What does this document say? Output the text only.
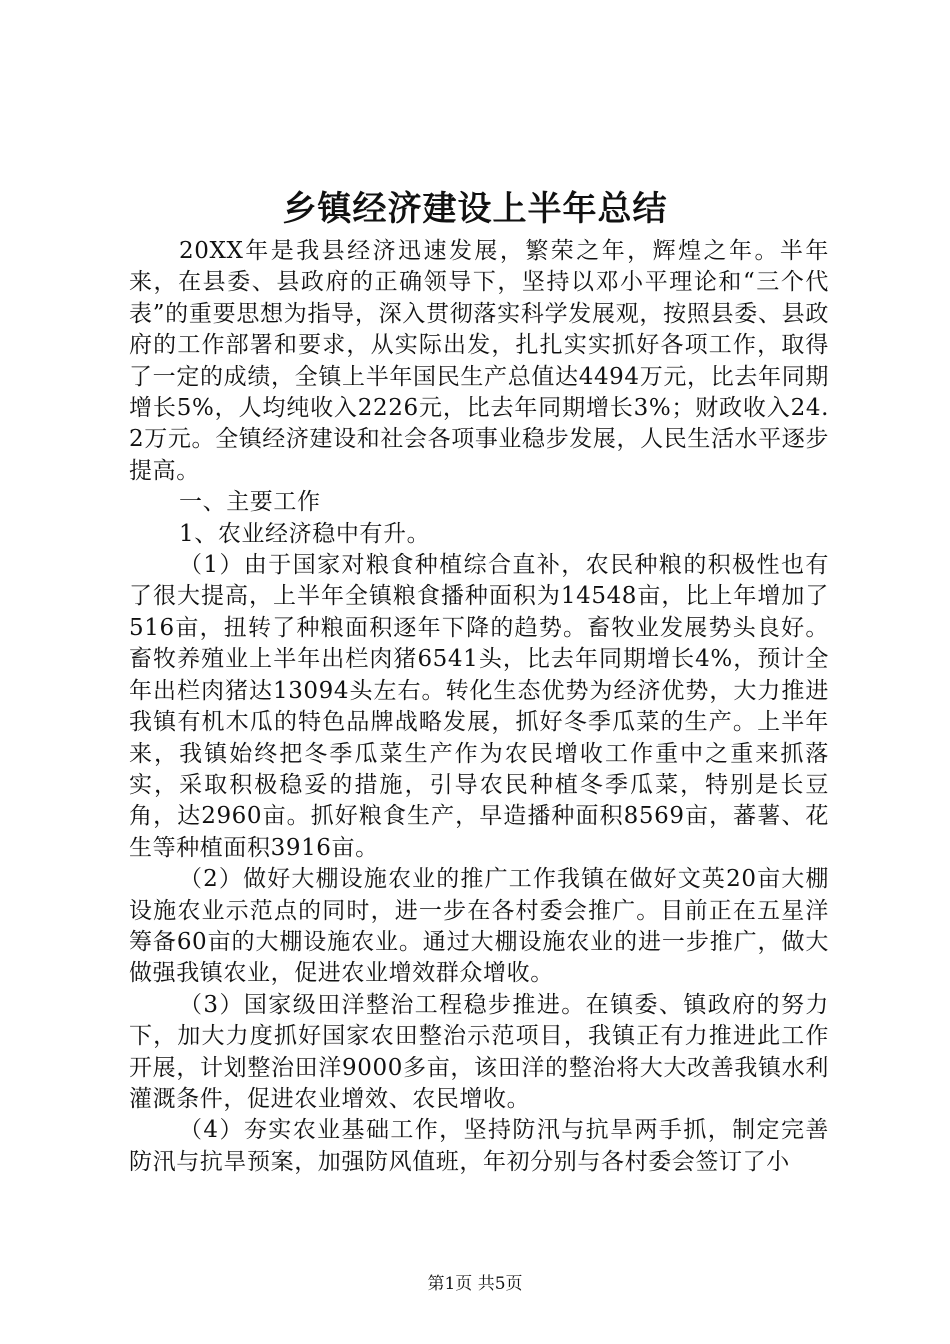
乡镇经济建设上半年总结

20XX年是我县经济迅速发展，繁荣之年，辉煌之年。半年来，在县委、县政府的正确领导下，坚持以邓小平理论和“三个代表”的重要思想为指导，深入贯彻落实科学发展观，按照县委、县政府的工作部署和要求，从实际出发，扎扎实实抓好各项工作，取得了一定的成绩，全镇上半年国民生产总值达4494万元，比去年同期增长5%，人均纯收入2226元，比去年同期增长3%；财政收入24.2万元。全镇经济建设和社会各项事业稳步发展，人民生活水平逐步提高。

一、主要工作

1、农业经济稳中有升。

（1）由于国家对粮食种植综合直补，农民种粮的积极性也有了很大提高，上半年全镇粮食播种面积为14548亩，比上年增加了516亩，扭转了种粮面积逐年下降的趋势。畜牧业发展势头良好。畜牧养殖业上半年出栏肉猪6541头，比去年同期增长4%，预计全年出栏肉猪达13094头左右。转化生态优势为经济优势，大力推进我镇有机木瓜的特色品牌战略发展，抓好冬季瓜菜的生产。上半年来，我镇始终把冬季瓜菜生产作为农民增收工作重中之重来抓落实，采取积极稳妥的措施，引导农民种植冬季瓜菜，特别是长豆角，达2960亩。抓好粮食生产，早造播种面积8569亩，蕃薯、花生等种植面积3916亩。

（2）做好大棚设施农业的推广工作我镇在做好文英20亩大棚设施农业示范点的同时，进一步在各村委会推广。目前正在五星洋筹备60亩的大棚设施农业。通过大棚设施农业的进一步推广，做大做强我镇农业，促进农业增效群众增收。

（3）国家级田洋整治工程稳步推进。在镇委、镇政府的努力下，加大力度抓好国家农田整治示范项目，我镇正有力推进此工作开展，计划整治田洋9000多亩，该田洋的整治将大大改善我镇水利灌溉条件，促进农业增效、农民增收。

（4）夯实农业基础工作，坚持防汛与抗旱两手抓，制定完善防汛与抗旱预案，加强防风值班，年初分别与各村委会签订了小

第1页 共5页
